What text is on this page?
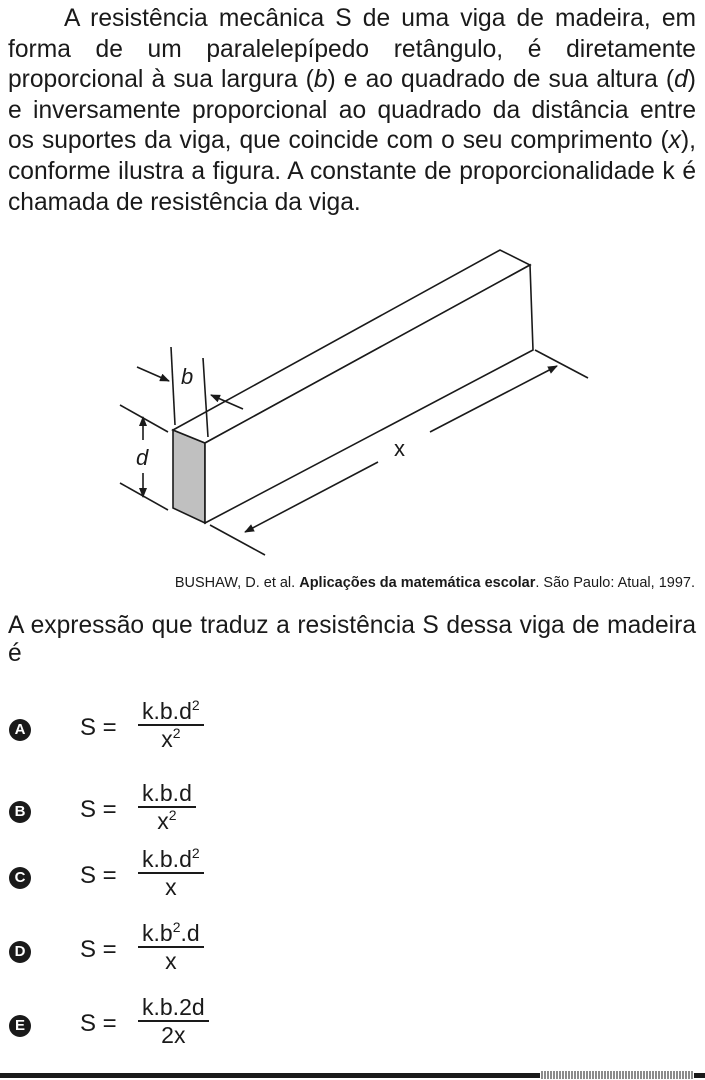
A resistência mecânica S de uma viga de madeira, em forma de um paralelepípedo retângulo, é diretamente proporcional à sua largura (b) e ao quadrado de sua altura (d) e inversamente proporcional ao quadrado da distância entre os suportes da viga, que coincide com o seu comprimento (x), conforme ilustra a figura. A constante de proporcionalidade k é chamada de resistência da viga.

b
d	x
BUSHAW, D. et al. Aplicações da matemática escolar. São Paulo: Atual, 1997.

A expressão que traduz a resistência S dessa viga de madeira é

A $S = \frac{k.b.d^2}{x^2}$
B $S = \frac{k.b.d}{x^2}$
C $S = \frac{k.b.d^2}{x}$
D $S = \frac{k.b^2.d}{x}$
E $S = \frac{k.b.2d}{2x}$
